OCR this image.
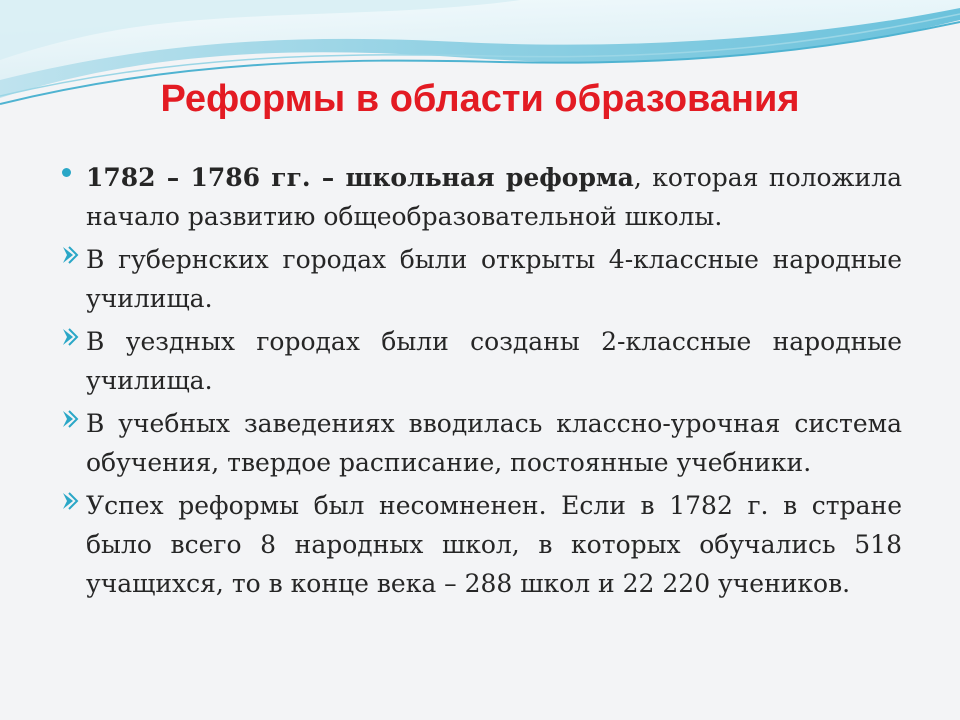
Реформы в области образования
1782 – 1786 гг. – школьная реформа, которая положила начало развитию общеобразовательной школы.
В губернских городах были открыты 4-классные народные училища.
В уездных городах были созданы 2-классные народные училища.
В учебных заведениях вводилась классно-урочная система обучения, твердое расписание, постоянные учебники.
Успех реформы был несомненен. Если в 1782 г. в стране было всего 8 народных школ, в которых обучались 518 учащихся, то в конце века – 288 школ и 22 220 учеников.
